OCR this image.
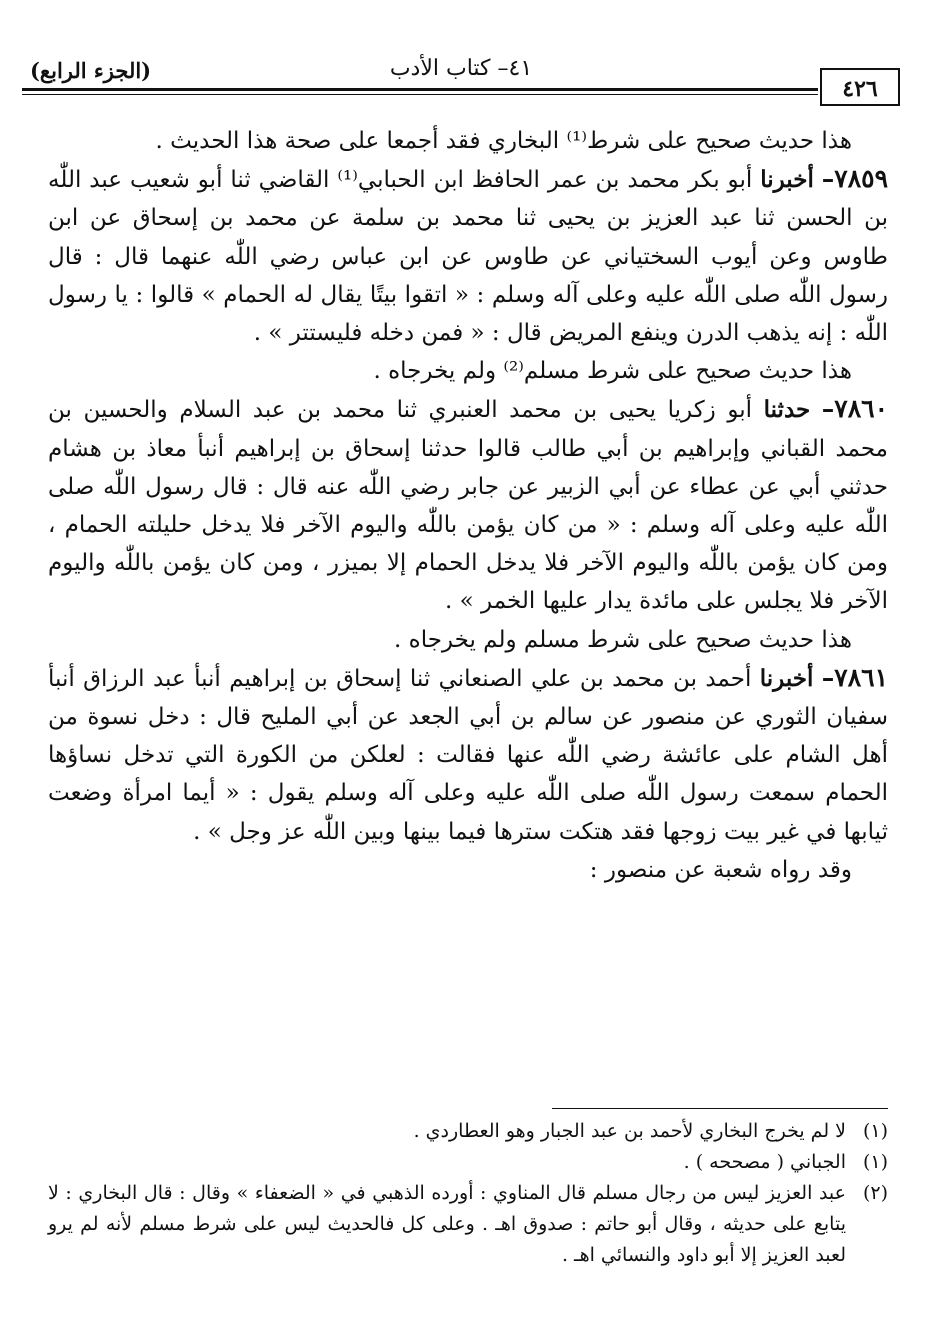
(الجزء الرابع)	٤١– كتاب الأدب
٤٢٦

هذا حديث صحيح على شرط⁽¹⁾ البخاري فقد أجمعا على صحة هذا الحديث .

٧٨٥٩– أخبرنا أبو بكر محمد بن عمر الحافظ ابن الحبابي⁽¹⁾ القاضي ثنا أبو شعيب عبد اللّٰه بن الحسن ثنا عبد العزيز بن يحيى ثنا محمد بن سلمة عن محمد بن إسحاق عن ابن طاوس وعن أيوب السختياني عن طاوس عن ابن عباس رضي اللّٰه عنهما قال : قال رسول اللّٰه صلى اللّٰه عليه وعلى آله وسلم : « اتقوا بيتًا يقال له الحمام » قالوا : يا رسول اللّٰه : إنه يذهب الدرن وينفع المريض قال : « فمن دخله فليستتر » .

هذا حديث صحيح على شرط مسلم⁽²⁾ ولم يخرجاه .

٧٨٦٠– حدثنا أبو زكريا يحيى بن محمد العنبري ثنا محمد بن عبد السلام والحسين بن محمد القباني وإبراهيم بن أبي طالب قالوا حدثنا إسحاق بن إبراهيم أنبأ معاذ بن هشام حدثني أبي عن عطاء عن أبي الزبير عن جابر رضي اللّٰه عنه قال : قال رسول اللّٰه صلى اللّٰه عليه وعلى آله وسلم : « من كان يؤمن باللّٰه واليوم الآخر فلا يدخل حليلته الحمام ، ومن كان يؤمن باللّٰه واليوم الآخر فلا يدخل الحمام إلا بميزر ، ومن كان يؤمن باللّٰه واليوم الآخر فلا يجلس على مائدة يدار عليها الخمر » .

هذا حديث صحيح على شرط مسلم ولم يخرجاه .

٧٨٦١– أخبرنا أحمد بن محمد بن علي الصنعاني ثنا إسحاق بن إبراهيم أنبأ عبد الرزاق أنبأ سفيان الثوري عن منصور عن سالم بن أبي الجعد عن أبي المليح قال : دخل نسوة من أهل الشام على عائشة رضي اللّٰه عنها فقالت : لعلكن من الكورة التي تدخل نساؤها الحمام سمعت رسول اللّٰه صلى اللّٰه عليه وعلى آله وسلم يقول : « أيما امرأة وضعت ثيابها في غير بيت زوجها فقد هتكت سترها فيما بينها وبين اللّٰه عز وجل » .

وقد رواه شعبة عن منصور :

(١)
لا لم يخرج البخاري لأحمد بن عبد الجبار وهو العطاردي .
(١)
الجباني ( مصححه ) .
(٢)
عبد العزيز ليس من رجال مسلم قال المناوي : أورده الذهبي في « الضعفاء » وقال : قال البخاري : لا يتابع على حديثه ، وقال أبو حاتم : صدوق اهـ . وعلى كل فالحديث ليس على شرط مسلم لأنه لم يرو لعبد العزيز إلا أبو داود والنسائي اهـ .
